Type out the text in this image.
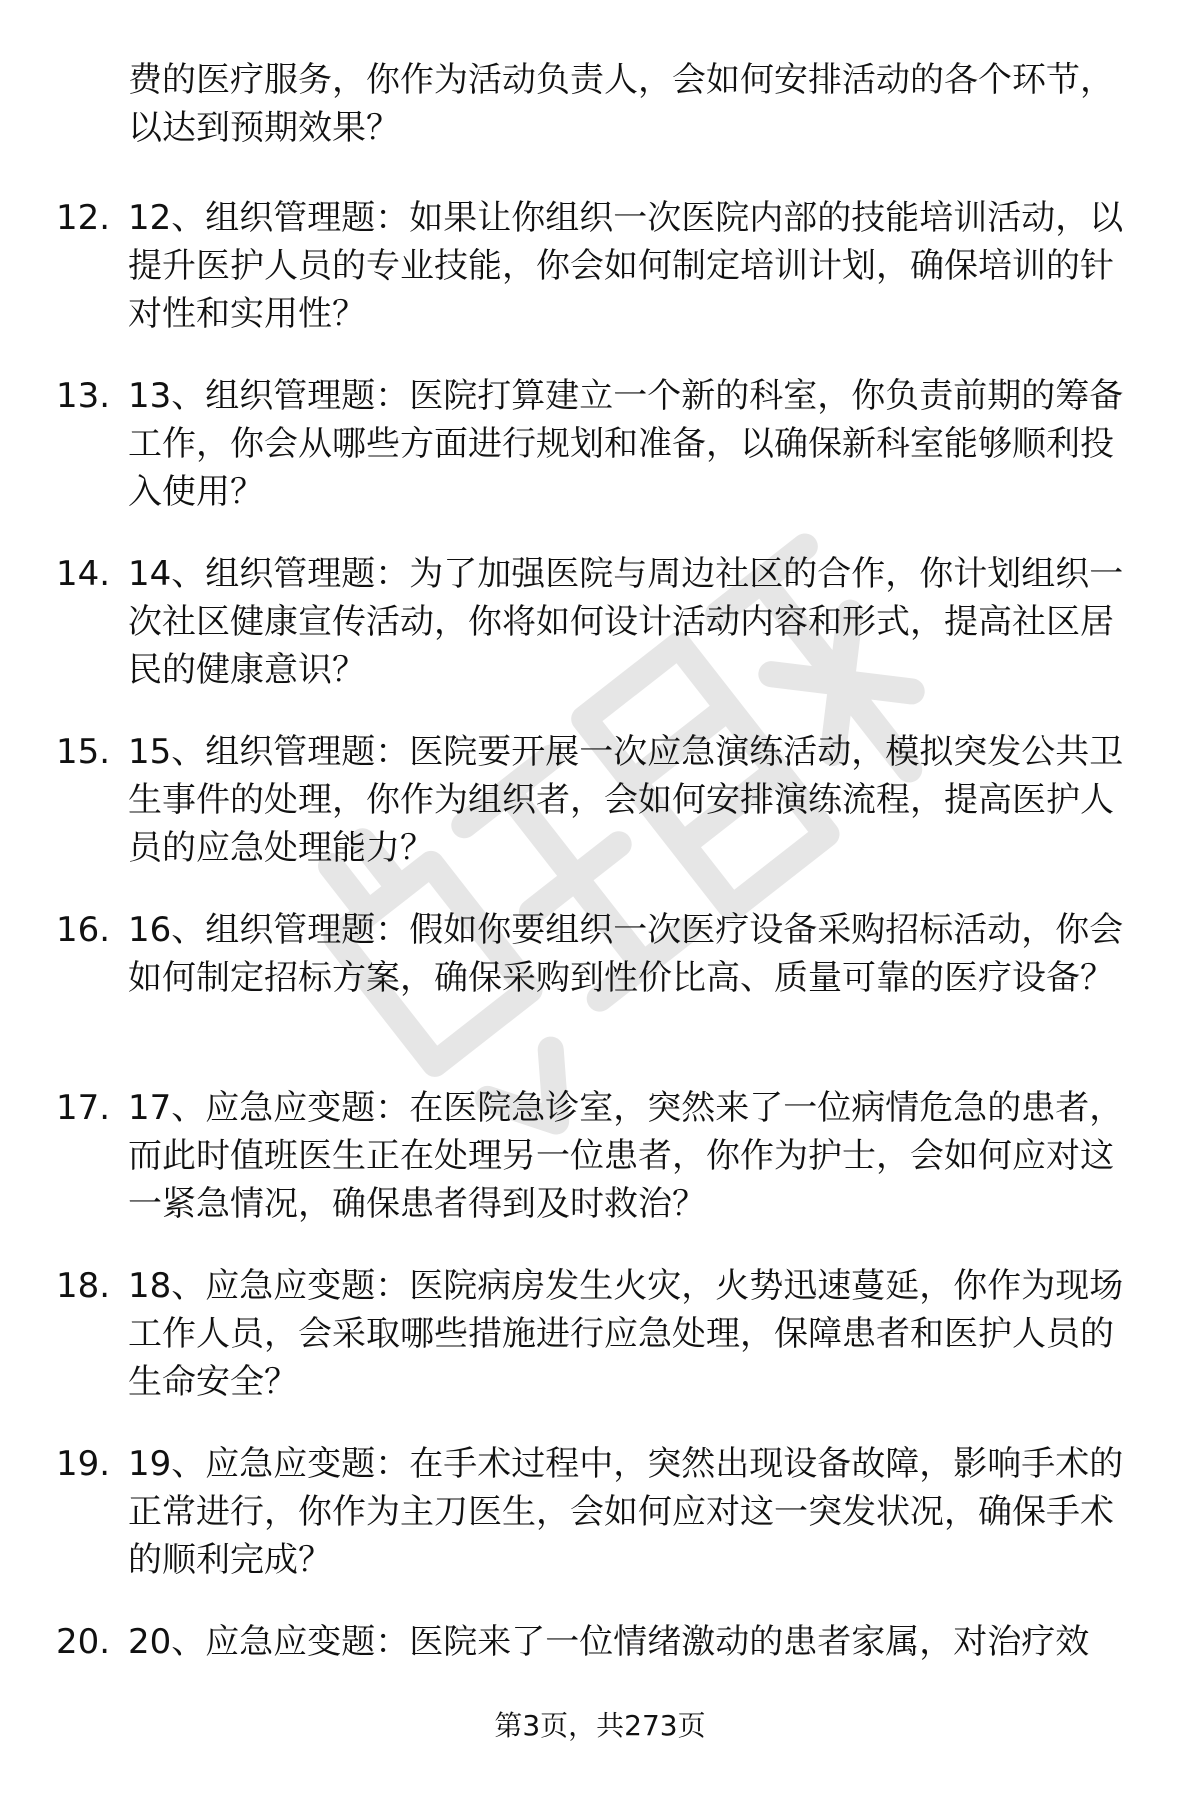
费的医疗服务，你作为活动负责人，会如何安排活动的各个环节，以达到预期效果？

12. 12、组织管理题：如果让你组织一次医院内部的技能培训活动，以提升医护人员的专业技能，你会如何制定培训计划，确保培训的针对性和实用性？

13. 13、组织管理题：医院打算建立一个新的科室，你负责前期的筹备工作，你会从哪些方面进行规划和准备，以确保新科室能够顺利投入使用？

14. 14、组织管理题：为了加强医院与周边社区的合作，你计划组织一次社区健康宣传活动，你将如何设计活动内容和形式，提高社区居民的健康意识？

15. 15、组织管理题：医院要开展一次应急演练活动，模拟突发公共卫生事件的处理，你作为组织者，会如何安排演练流程，提高医护人员的应急处理能力？

16. 16、组织管理题：假如你要组织一次医疗设备采购招标活动，你会如何制定招标方案，确保采购到性价比高、质量可靠的医疗设备？

17. 17、应急应变题：在医院急诊室，突然来了一位病情危急的患者，而此时值班医生正在处理另一位患者，你作为护士，会如何应对这一紧急情况，确保患者得到及时救治？

18. 18、应急应变题：医院病房发生火灾，火势迅速蔓延，你作为现场工作人员，会采取哪些措施进行应急处理，保障患者和医护人员的生命安全？

19. 19、应急应变题：在手术过程中，突然出现设备故障，影响手术的正常进行，你作为主刀医生，会如何应对这一突发状况，确保手术的顺利完成？

20. 20、应急应变题：医院来了一位情绪激动的患者家属，对治疗效

第3页，共273页
